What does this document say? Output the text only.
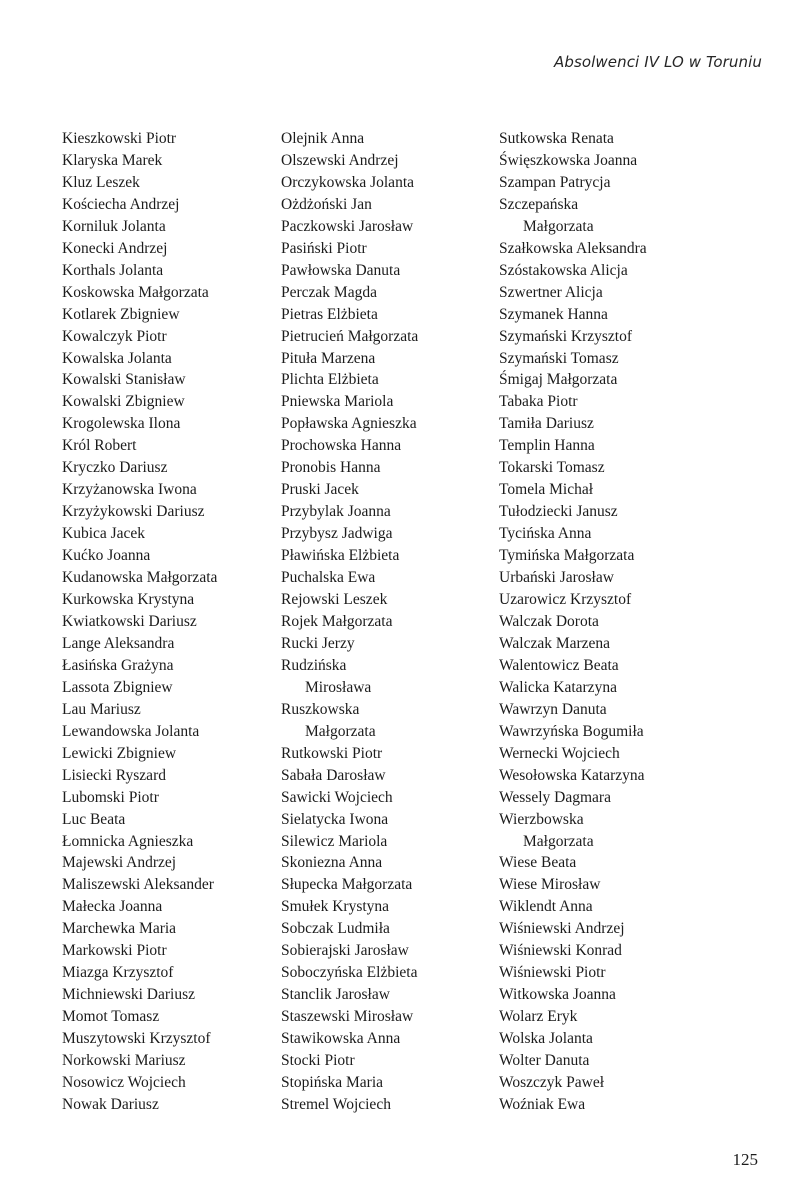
Absolwenci IV LO w Toruniu
Kieszkowski Piotr
Klaryska Marek
Kluz Leszek
Kościecha Andrzej
Korniluk Jolanta
Konecki Andrzej
Korthals Jolanta
Koskowska Małgorzata
Kotlarek Zbigniew
Kowalczyk Piotr
Kowalska Jolanta
Kowalski Stanisław
Kowalski Zbigniew
Krogolewska Ilona
Król Robert
Kryczko Dariusz
Krzyżanowska Iwona
Krzyżykowski Dariusz
Kubica Jacek
Kućko Joanna
Kudanowska Małgorzata
Kurkowska Krystyna
Kwiatkowski Dariusz
Lange Aleksandra
Łasińska Grażyna
Lassota Zbigniew
Lau Mariusz
Lewandowska Jolanta
Lewicki Zbigniew
Lisiecki Ryszard
Lubomski Piotr
Luc Beata
Łomnicka Agnieszka
Majewski Andrzej
Maliszewski Aleksander
Małecka Joanna
Marchewka Maria
Markowski Piotr
Miazga Krzysztof
Michniewski Dariusz
Momot Tomasz
Muszytowski Krzysztof
Norkowski Mariusz
Nosowicz Wojciech
Nowak Dariusz
Olejnik Anna
Olszewski Andrzej
Orczykowska Jolanta
Ożdżoński Jan
Paczkowski Jarosław
Pasiński Piotr
Pawłowska Danuta
Perczak Magda
Pietras Elżbieta
Pietrucień Małgorzata
Pituła Marzena
Plichta Elżbieta
Pniewska Mariola
Popławska Agnieszka
Prochowska Hanna
Pronobis Hanna
Pruski Jacek
Przybylak Joanna
Przybysz Jadwiga
Pławińska Elżbieta
Puchalska Ewa
Rejowski Leszek
Rojek Małgorzata
Rucki Jerzy
Rudzińska
Mirosława
Ruszkowska
Małgorzata
Rutkowski Piotr
Sabała Darosław
Sawicki Wojciech
Sielatycka Iwona
Silewicz Mariola
Skoniezna Anna
Słupecka Małgorzata
Smułek Krystyna
Sobczak Ludmiła
Sobierajski Jarosław
Soboczyńska Elżbieta
Stanclik Jarosław
Staszewski Mirosław
Stawikowska Anna
Stocki Piotr
Stopińska Maria
Stremel Wojciech
Sutkowska Renata
Święszkowska Joanna
Szampan Patrycja
Szczepańska
Małgorzata
Szałkowska Aleksandra
Szóstakowska Alicja
Szwertner Alicja
Szymanek Hanna
Szymański Krzysztof
Szymański Tomasz
Śmigaj Małgorzata
Tabaka Piotr
Tamiła Dariusz
Templin Hanna
Tokarski Tomasz
Tomela Michał
Tułodziecki Janusz
Tycińska Anna
Tymińska Małgorzata
Urbański Jarosław
Uzarowicz Krzysztof
Walczak Dorota
Walczak Marzena
Walentowicz Beata
Walicka Katarzyna
Wawrzyn Danuta
Wawrzyńska Bogumiła
Wernecki Wojciech
Wesołowska Katarzyna
Wessely Dagmara
Wierzbowska
Małgorzata
Wiese Beata
Wiese Mirosław
Wiklendt Anna
Wiśniewski Andrzej
Wiśniewski Konrad
Wiśniewski Piotr
Witkowska Joanna
Wolarz Eryk
Wolska Jolanta
Wolter Danuta
Woszczyk Paweł
Woźniak Ewa
125
